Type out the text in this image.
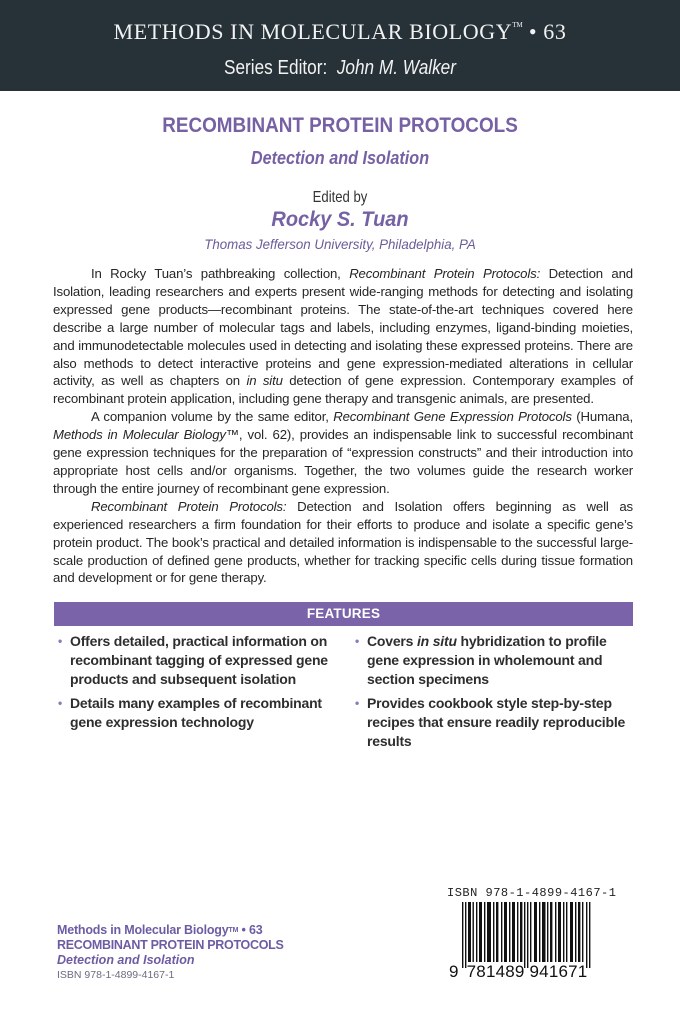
METHODS IN MOLECULAR BIOLOGY™ • 63
Series Editor: John M. Walker
RECOMBINANT PROTEIN PROTOCOLS
Detection and Isolation
Edited by
Rocky S. Tuan
Thomas Jefferson University, Philadelphia, PA

In Rocky Tuan’s pathbreaking collection, Recombinant Protein Protocols: Detection and Isolation, leading researchers and experts present wide-ranging methods for detecting and isolating expressed gene products—recombinant proteins. The state-of-the-art techniques covered here describe a large number of molecular tags and labels, including enzymes, ligand-binding moieties, and immunodetectable molecules used in detecting and isolating these expressed proteins. There are also methods to detect interactive proteins and gene expression-mediated alterations in cellular activity, as well as chapters on in situ detection of gene expression. Contemporary examples of recombinant protein application, including gene therapy and transgenic animals, are presented.

A companion volume by the same editor, Recombinant Gene Expression Protocols (Humana, Methods in Molecular Biology™, vol. 62), provides an indispensable link to successful recombinant gene expression techniques for the preparation of “expression constructs” and their introduction into appropriate host cells and/or organisms. Together, the two volumes guide the research worker through the entire journey of recombinant gene expression.

Recombinant Protein Protocols: Detection and Isolation offers beginning as well as experienced researchers a firm foundation for their efforts to produce and isolate a specific gene’s protein product. The book’s practical and detailed information is indispensable to the successful large-scale production of defined gene products, whether for tracking specific cells during tissue formation and development or for gene therapy.

FEATURES
• Offers detailed, practical information on recombinant tagging of expressed gene products and subsequent isolation
• Details many examples of recombinant gene expression technology
• Covers in situ hybridization to profile gene expression in wholemount and section specimens
• Provides cookbook style step-by-step recipes that ensure readily reproducible results
Methods in Molecular Biology™ • 63
RECOMBINANT PROTEIN PROTOCOLS
Detection and Isolation
ISBN 978-1-4899-4167-1
ISBN 978-1-4899-4167-1
9 781489 941671
